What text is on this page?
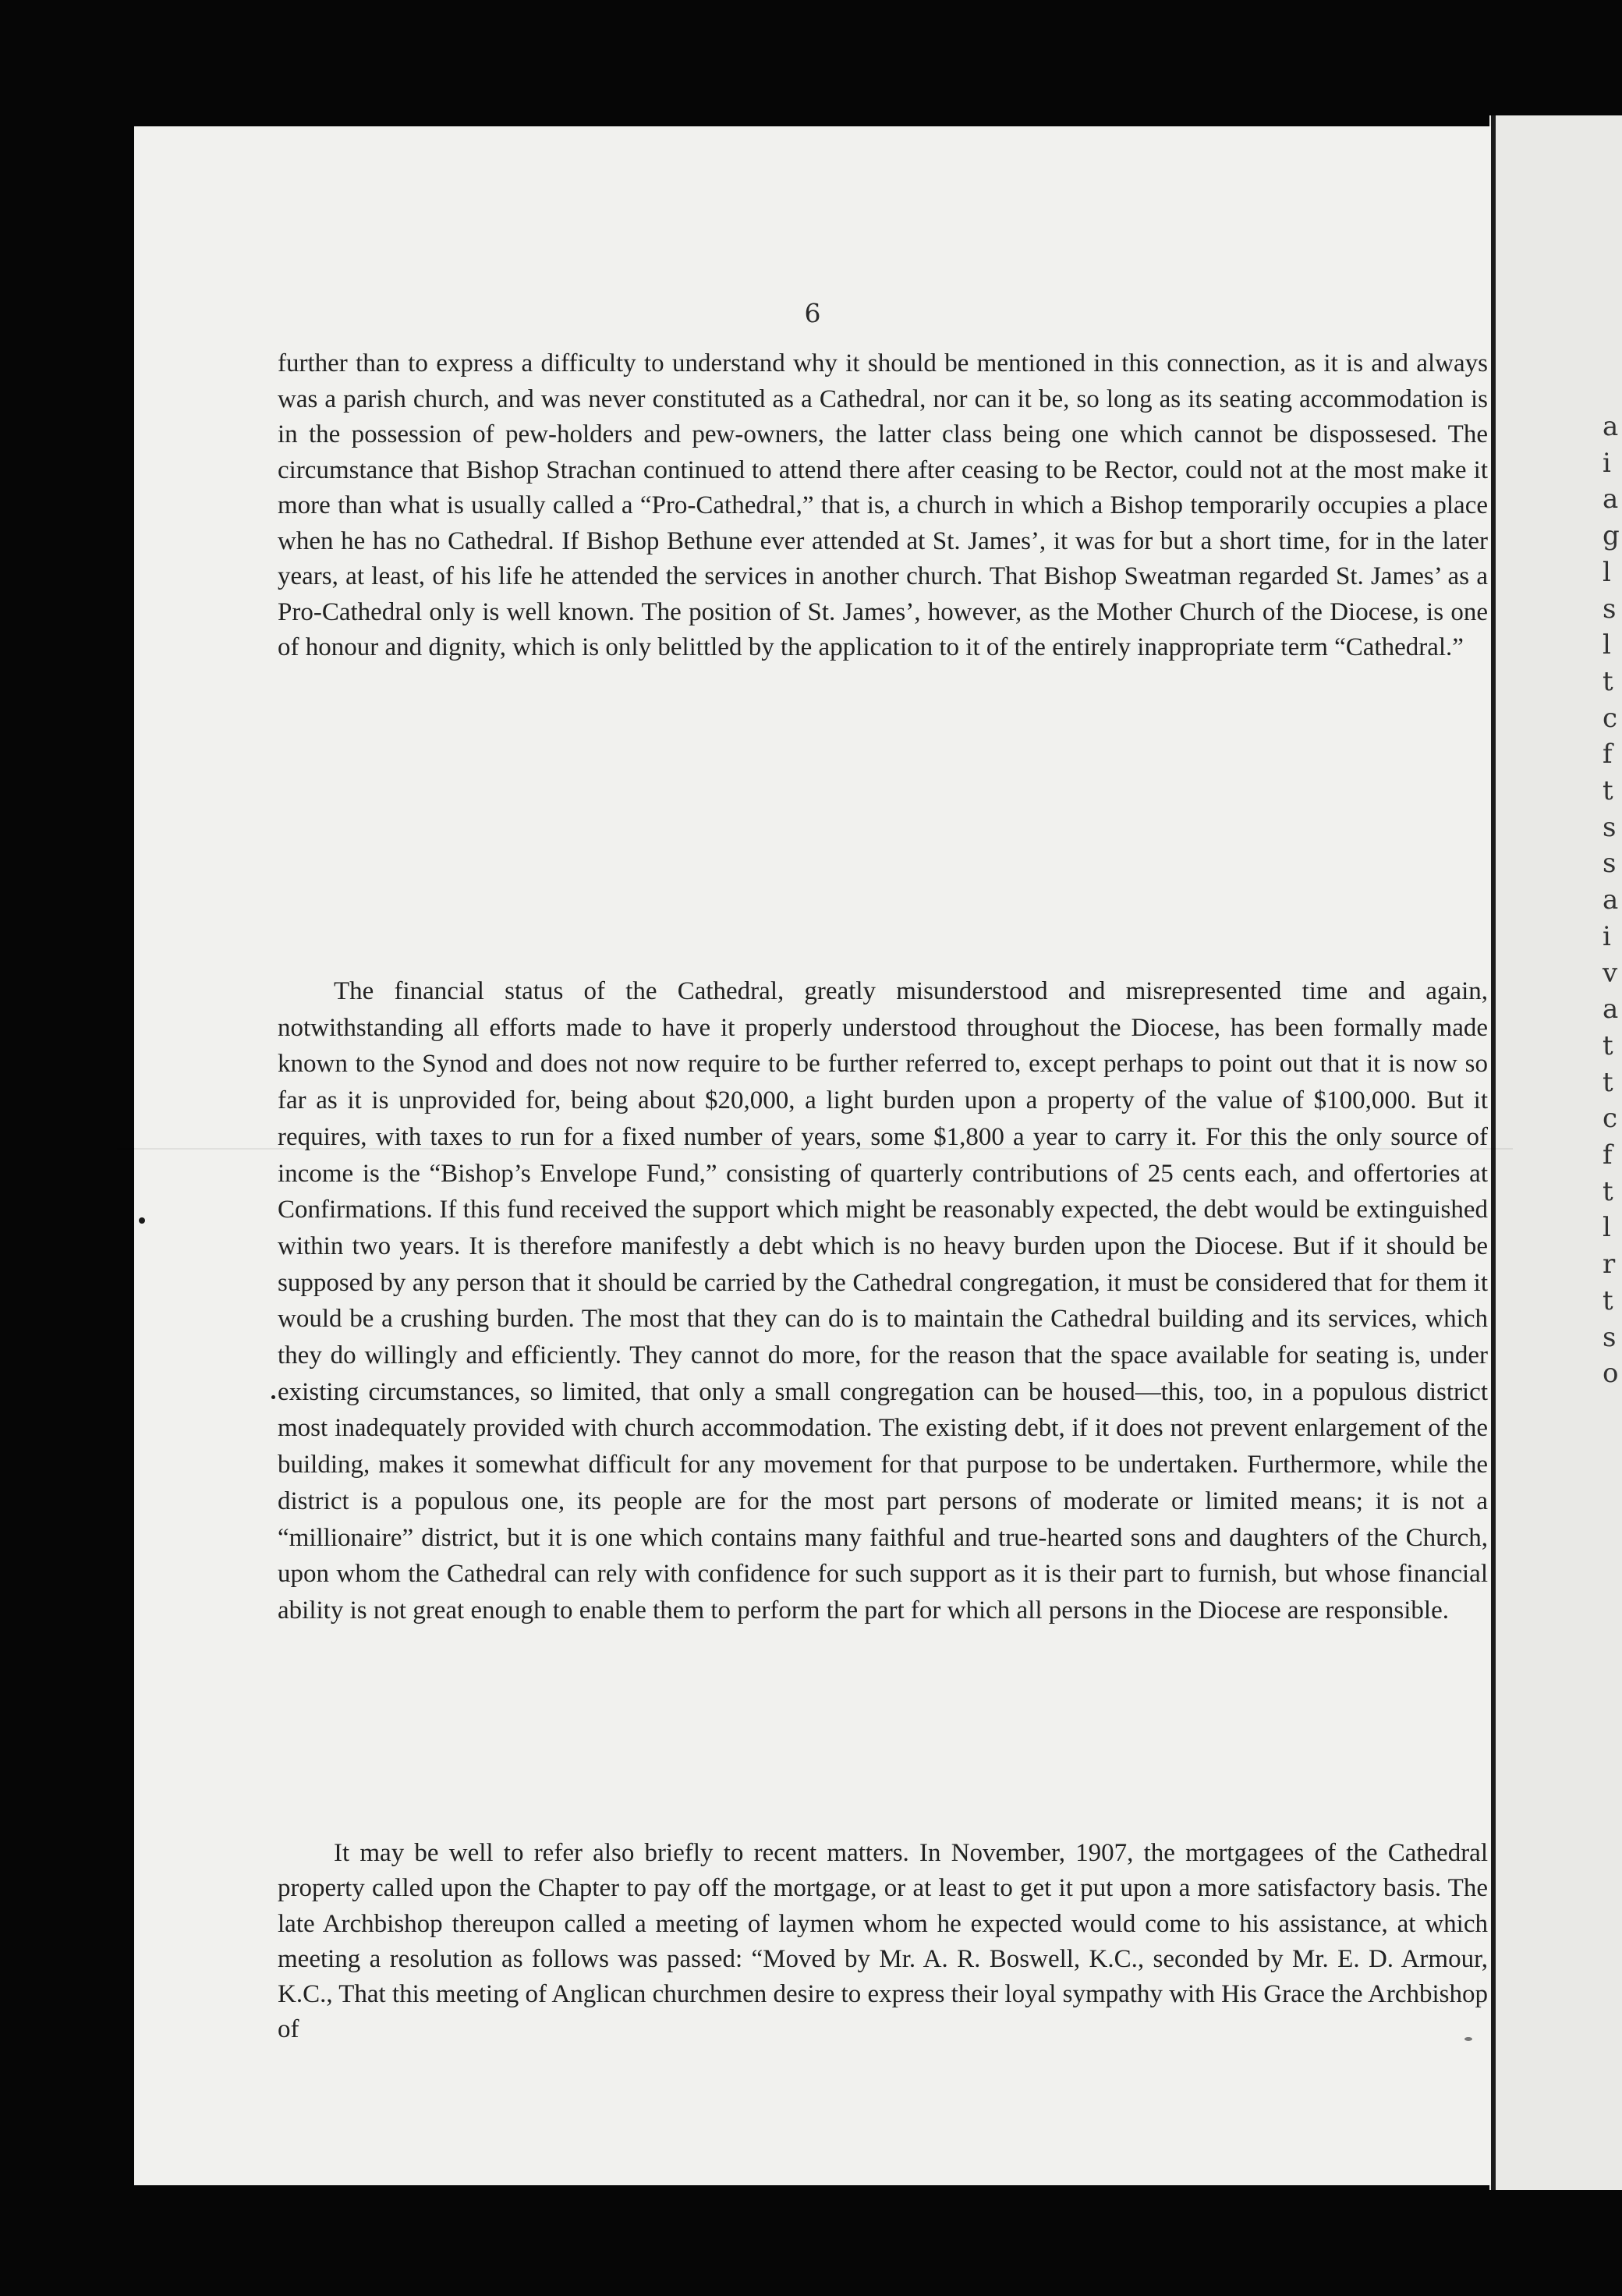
a
i
a
g
l
s
l
t
c
f
t
s
s
a
i
v
a
t
t
c
f
t
l
r
t
s
o

6

further than to express a difficulty to understand why it should be mentioned in this connection, as it is and always was a parish church, and was never constituted as a Cathedral, nor can it be, so long as its seating accommodation is in the possession of pew-holders and pew-owners, the latter class being one which cannot be dispossesed. The circumstance that Bishop Strachan continued to attend there after ceasing to be Rector, could not at the most make it more than what is usually called a “Pro-Cathedral,” that is, a church in which a Bishop temporarily occupies a place when he has no Cathedral. If Bishop Bethune ever attended at St. James’, it was for but a short time, for in the later years, at least, of his life he attended the services in another church. That Bishop Sweatman regarded St. James’ as a Pro-Cathedral only is well known. The position of St. James’, however, as the Mother Church of the Diocese, is one of honour and dignity, which is only belittled by the application to it of the entirely inappropriate term “Cathedral.”

The financial status of the Cathedral, greatly misunderstood and misrepresented time and again, notwithstanding all efforts made to have it properly understood throughout the Diocese, has been formally made known to the Synod and does not now require to be further referred to, except perhaps to point out that it is now so far as it is unprovided for, being about $20,000, a light burden upon a property of the value of $100,000. But it requires, with taxes to run for a fixed number of years, some $1,800 a year to carry it. For this the only source of income is the “Bishop’s Envelope Fund,” consisting of quarterly contributions of 25 cents each, and offertories at Confirmations. If this fund received the support which might be reasonably expected, the debt would be extinguished within two years. It is therefore manifestly a debt which is no heavy burden upon the Diocese. But if it should be supposed by any person that it should be carried by the Cathedral congregation, it must be considered that for them it would be a crushing burden. The most that they can do is to maintain the Cathedral building and its services, which they do willingly and efficiently. They cannot do more, for the reason that the space available for seating is, under existing circumstances, so limited, that only a small congregation can be housed—this, too, in a populous district most inadequately provided with church accommodation. The existing debt, if it does not prevent enlargement of the building, makes it somewhat difficult for any movement for that purpose to be undertaken. Furthermore, while the district is a populous one, its people are for the most part persons of moderate or limited means; it is not a “millionaire” district, but it is one which contains many faithful and true-hearted sons and daughters of the Church, upon whom the Cathedral can rely with confidence for such support as it is their part to furnish, but whose financial ability is not great enough to enable them to perform the part for which all persons in the Diocese are responsible.

It may be well to refer also briefly to recent matters. In November, 1907, the mortgagees of the Cathedral property called upon the Chapter to pay off the mortgage, or at least to get it put upon a more satisfactory basis. The late Archbishop thereupon called a meeting of laymen whom he expected would come to his assistance, at which meeting a resolution as follows was passed: “Moved by Mr. A. R. Boswell, K.C., seconded by Mr. E. D. Armour, K.C., That this meeting of Anglican churchmen desire to express their loyal sympathy with His Grace the Archbishop of
